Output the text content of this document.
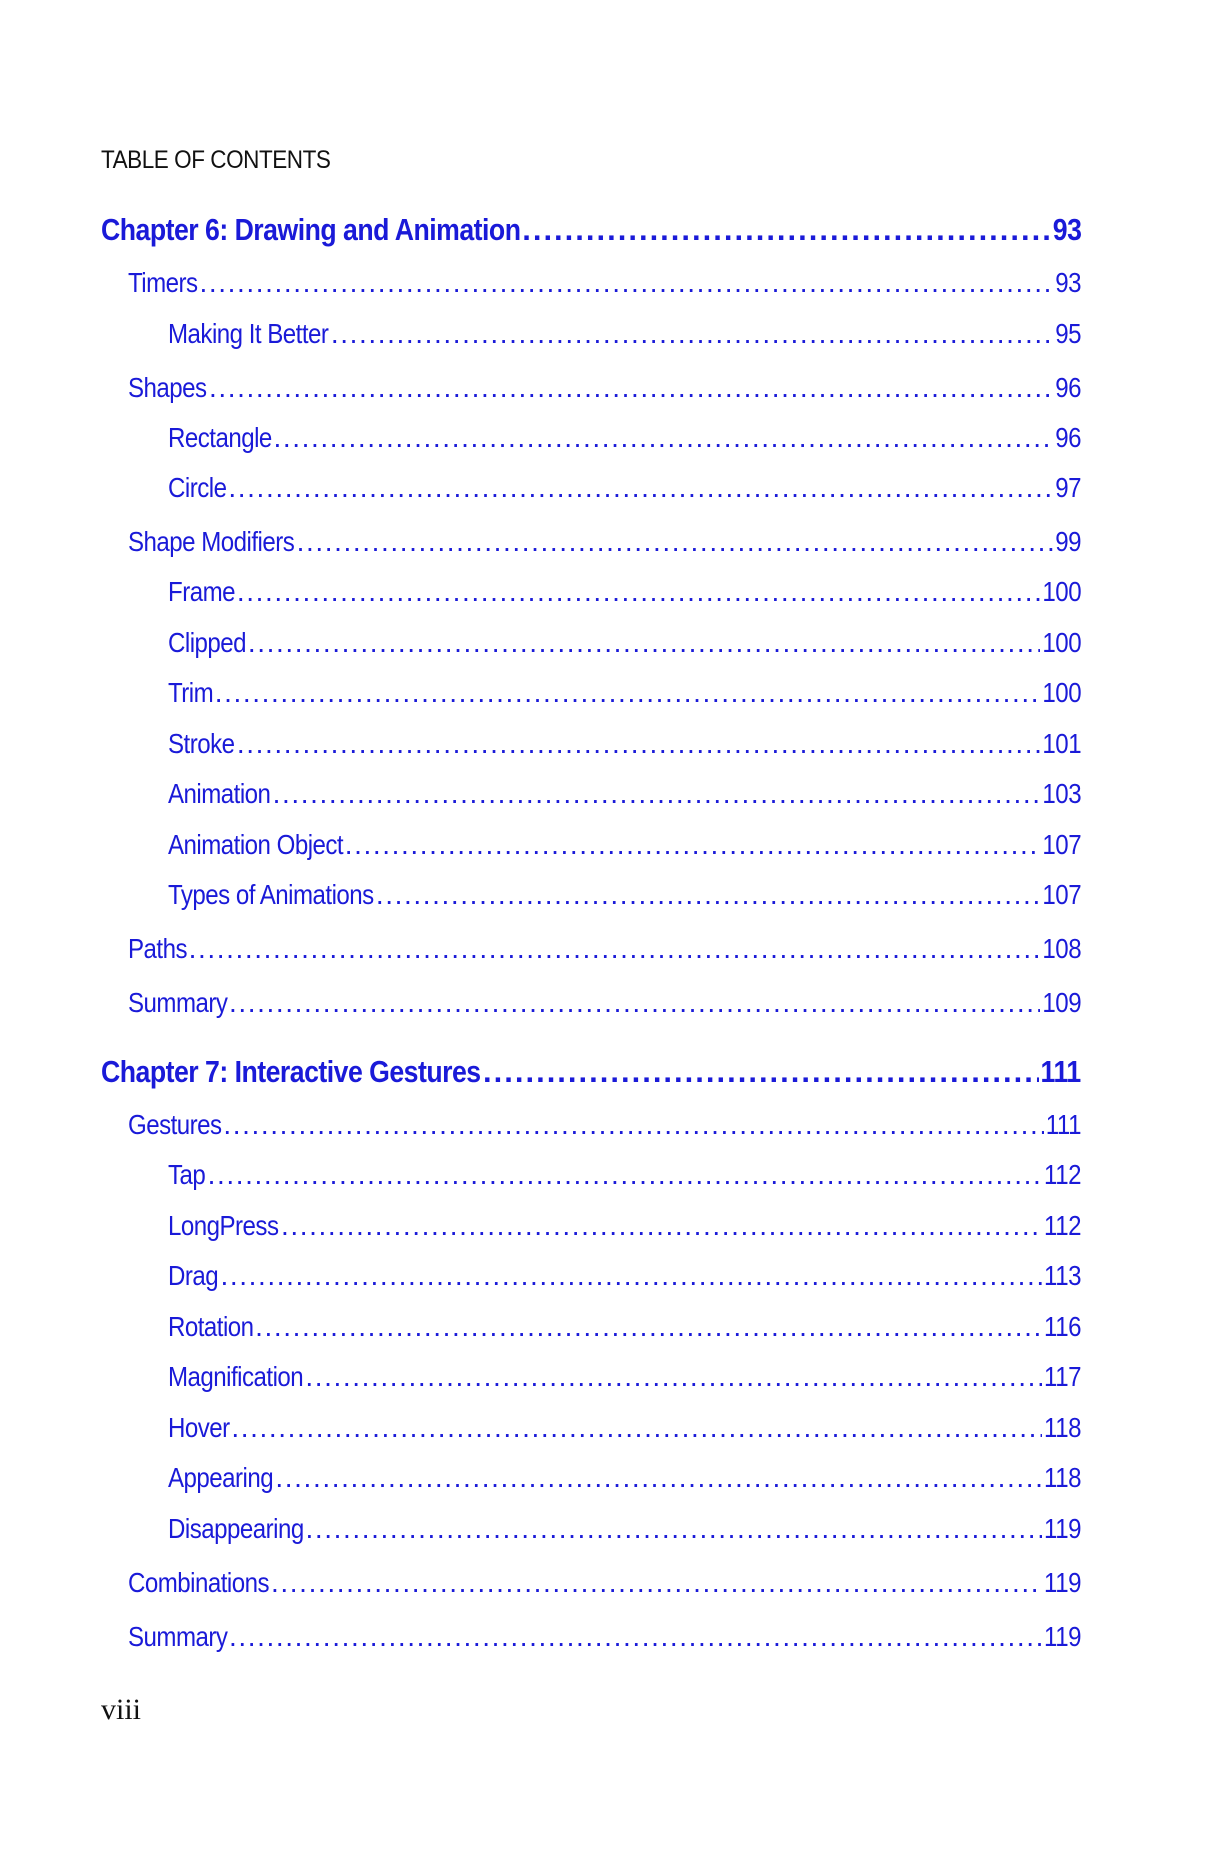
TABLE OF CONTENTS
Chapter 6: Drawing and Animation .....	93
Timers .....	93
Making It Better .....	95
Shapes .....	96
Rectangle .....	96
Circle .....	97
Shape Modifiers .....	99
Frame .....	100
Clipped .....	100
Trim .....	100
Stroke .....	101
Animation .....	103
Animation Object .....	107
Types of Animations .....	107
Paths .....	108
Summary .....	109
Chapter 7: Interactive Gestures .....	111
Gestures .....	111
Tap .....	112
LongPress .....	112
Drag .....	113
Rotation .....	116
Magnification .....	117
Hover .....	118
Appearing .....	118
Disappearing .....	119
Combinations .....	119
Summary .....	119
viii
